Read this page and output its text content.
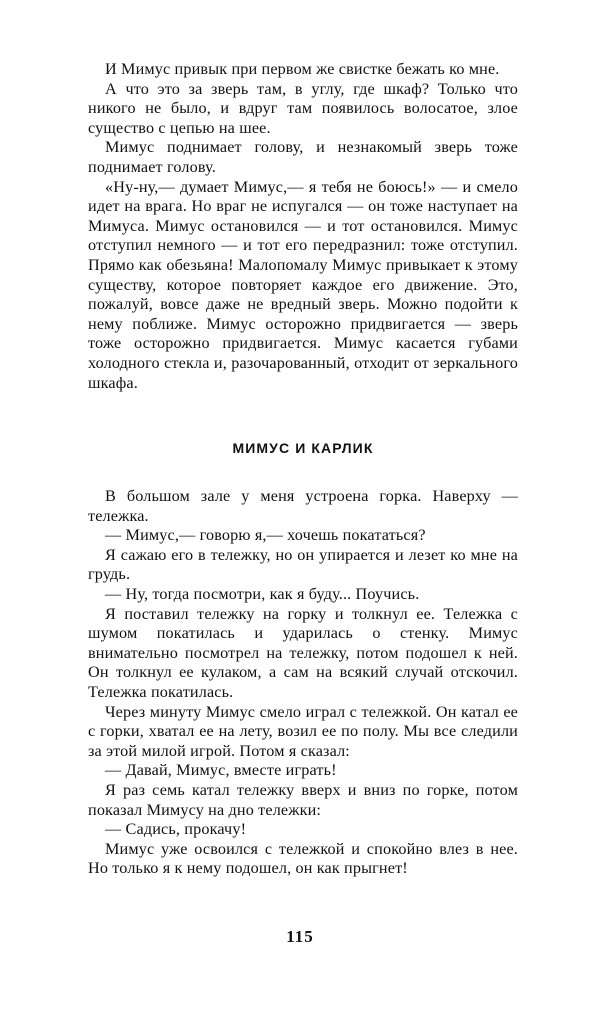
И Мимус привык при первом же свистке бежать ко мне.

А что это за зверь там, в углу, где шкаф? Только что никого не было, и вдруг там появилось волосатое, злое существо с цепью на шее.

Мимус поднимает голову, и незнакомый зверь тоже поднимает голову.

«Ну-ну,— думает Мимус,— я тебя не боюсь!» — и смело идет на врага. Но враг не испугался — он тоже наступает на Мимуса. Мимус остановился — и тот остановился. Мимус отступил немного — и тот его передразнил: тоже отступил. Прямо как обезьяна! Малопомалу Мимус привыкает к этому существу, которое повторяет каждое его движение. Это, пожалуй, вовсе даже не вредный зверь. Можно подойти к нему поближе. Мимус осторожно придвигается — зверь тоже осторожно придвигается. Мимус касается губами холодного стекла и, разочарованный, отходит от зеркального шкафа.

МИМУС И КАРЛИК

В большом зале у меня устроена горка. Наверху — тележка.

— Мимус,— говорю я,— хочешь покататься?

Я сажаю его в тележку, но он упирается и лезет ко мне на грудь.

— Ну, тогда посмотри, как я буду... Поучись.

Я поставил тележку на горку и толкнул ее. Тележка с шумом покатилась и ударилась о стенку. Мимус внимательно посмотрел на тележку, потом подошел к ней. Он толкнул ее кулаком, а сам на всякий случай отскочил. Тележка покатилась.

Через минуту Мимус смело играл с тележкой. Он катал ее с горки, хватал ее на лету, возил ее по полу. Мы все следили за этой милой игрой. Потом я сказал:

— Давай, Мимус, вместе играть!

Я раз семь катал тележку вверх и вниз по горке, потом показал Мимусу на дно тележки:

— Садись, прокачу!

Мимус уже освоился с тележкой и спокойно влез в нее. Но только я к нему подошел, он как прыгнет!

115
